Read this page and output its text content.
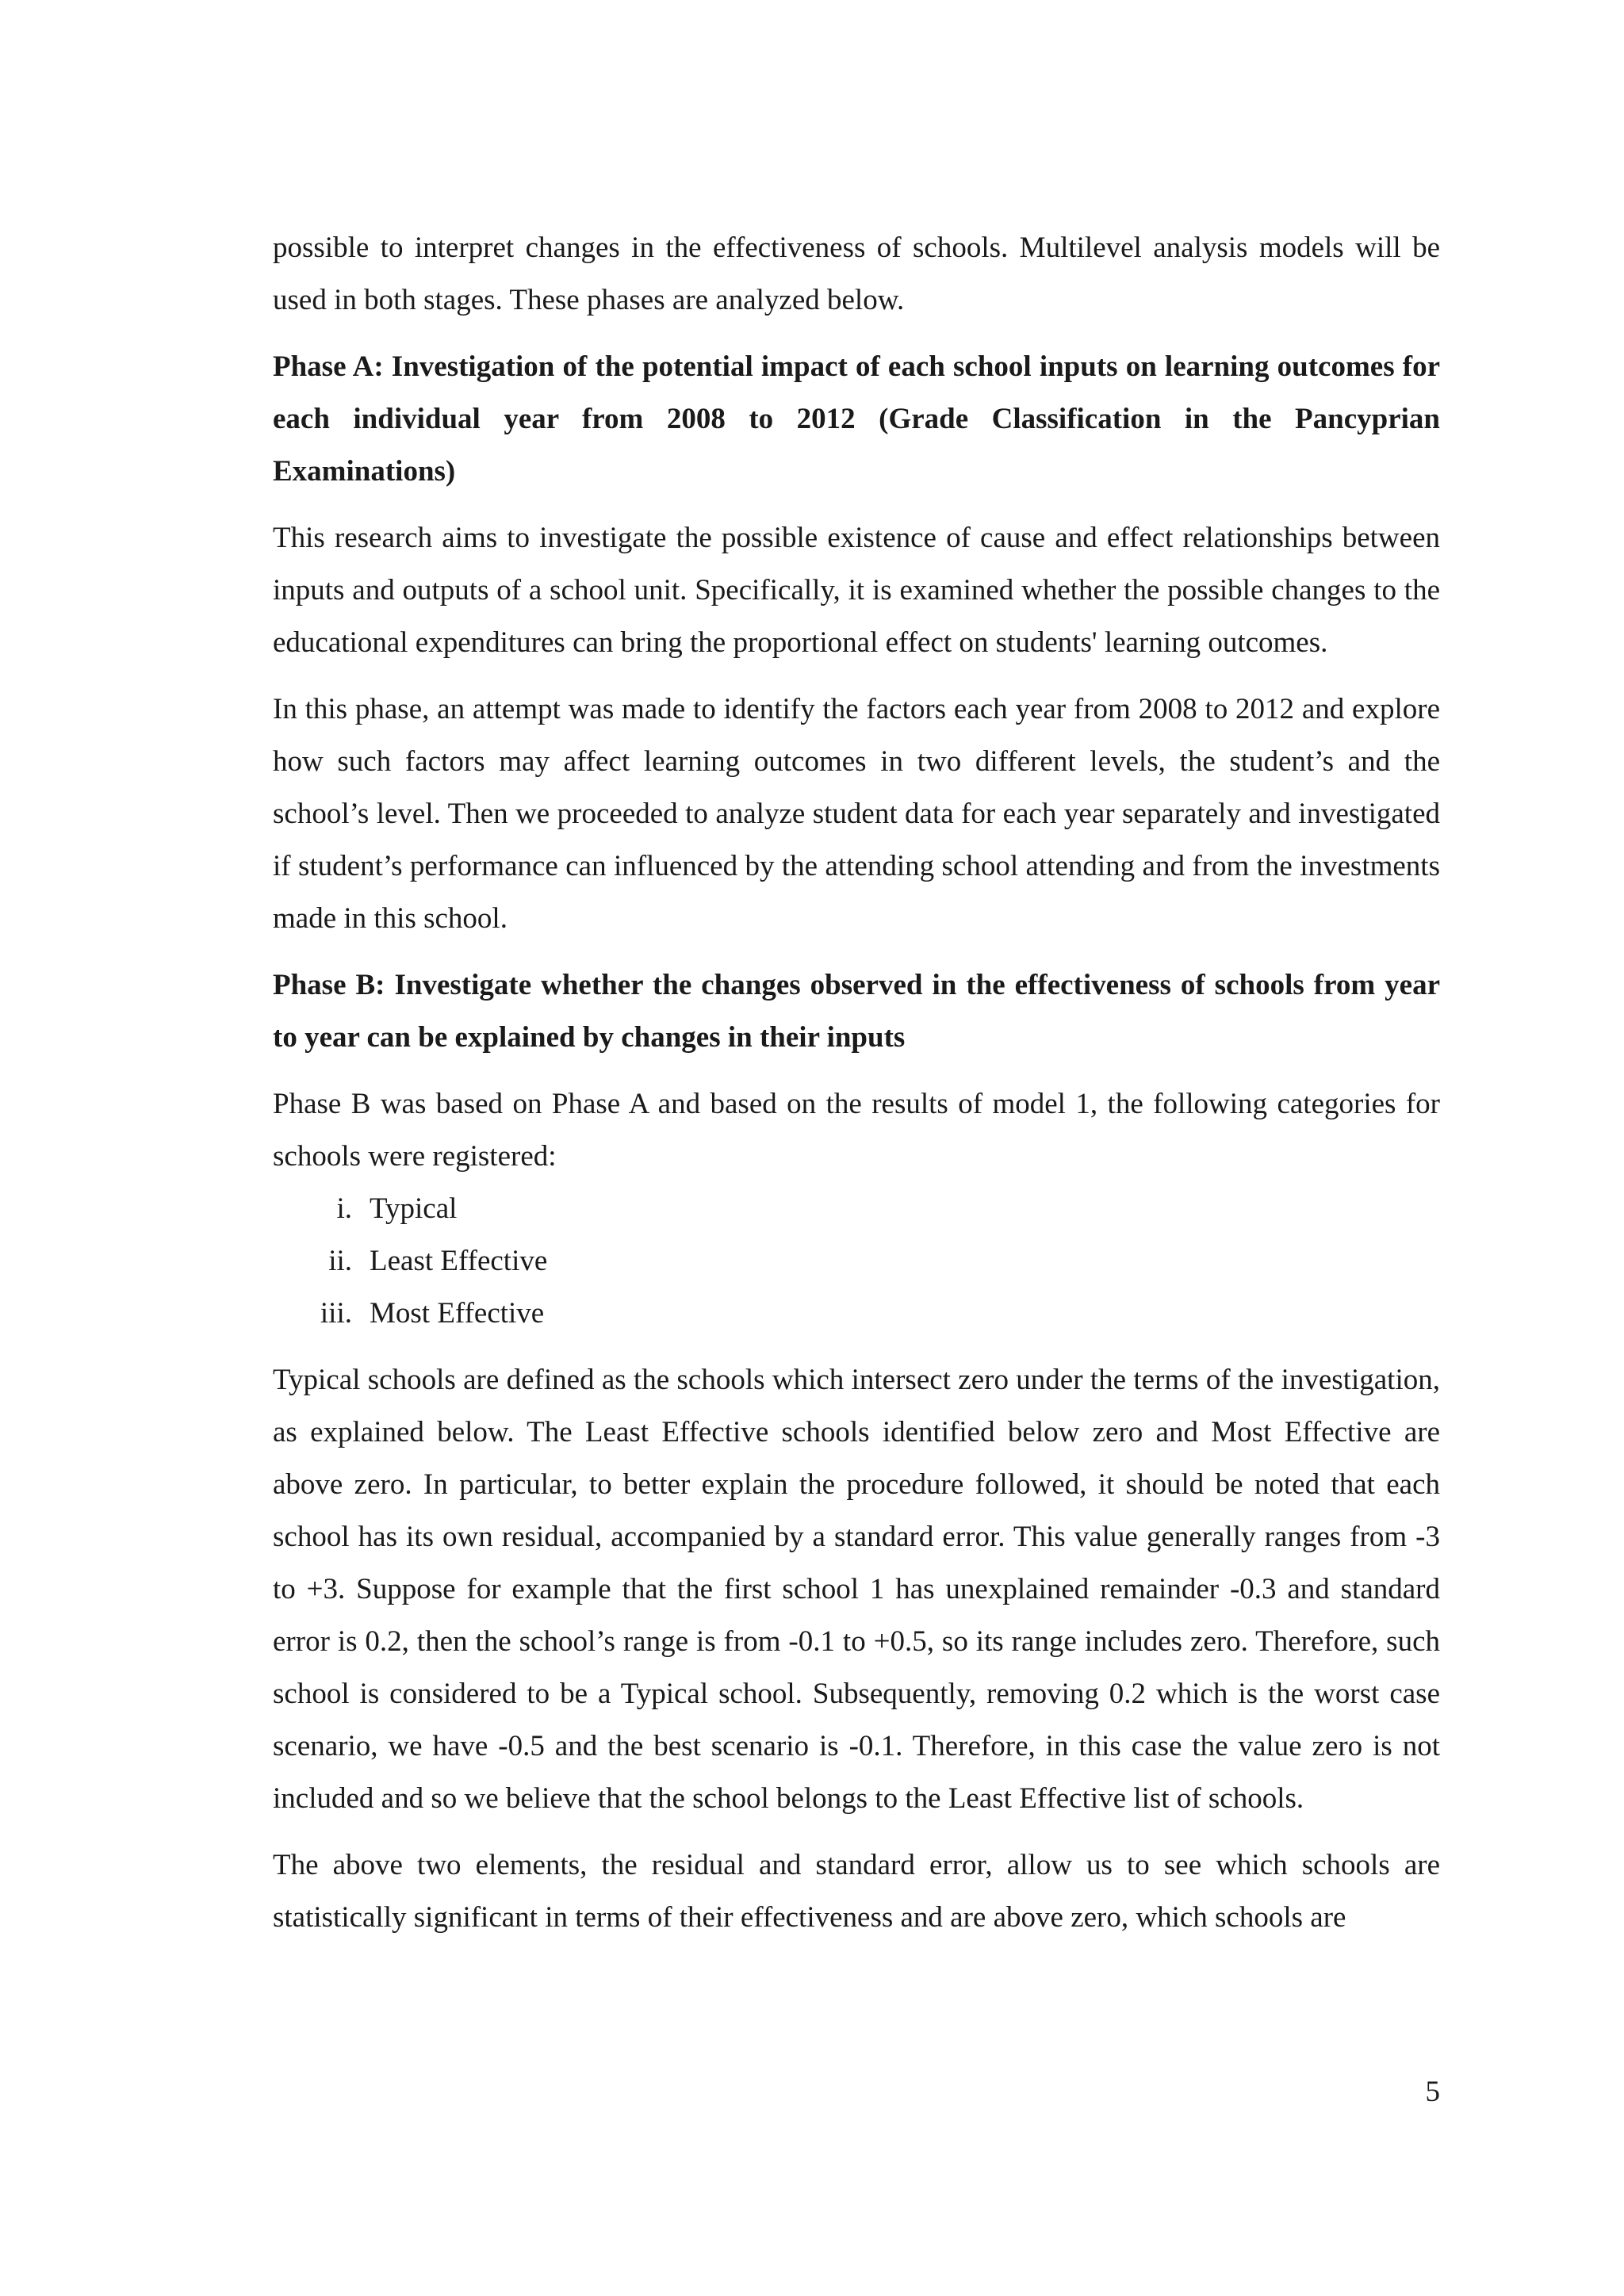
possible to interpret changes in the effectiveness of schools. Multilevel analysis models will be used in both stages. These phases are analyzed below.

Phase A: Investigation of the potential impact of each school inputs on learning outcomes for each individual year from 2008 to 2012 (Grade Classification in the Pancyprian Examinations)

This research aims to investigate the possible existence of cause and effect relationships between inputs and outputs of a school unit. Specifically, it is examined whether the possible changes to the educational expenditures can bring the proportional effect on students' learning outcomes.

In this phase, an attempt was made to identify the factors each year from 2008 to 2012 and explore how such factors may affect learning outcomes in two different levels, the student’s and the school’s level. Then we proceeded to analyze student data for each year separately and investigated if student’s performance can influenced by the attending school attending and from the investments made in this school.

Phase B: Investigate whether the changes observed in the effectiveness of schools from year to year can be explained by changes in their inputs

Phase B was based on Phase A and based on the results of model 1, the following categories for schools were registered:

i. Typical
ii. Least Effective
iii. Most Effective

Typical schools are defined as the schools which intersect zero under the terms of the investigation, as explained below. The Least Effective schools identified below zero and Most Effective are above zero. In particular, to better explain the procedure followed, it should be noted that each school has its own residual, accompanied by a standard error. This value generally ranges from -3 to +3. Suppose for example that the first school 1 has unexplained remainder -0.3 and standard error is 0.2, then the school’s range is from -0.1 to +0.5, so its range includes zero. Therefore, such school is considered to be a Typical school. Subsequently, removing 0.2 which is the worst case scenario, we have -0.5 and the best scenario is -0.1. Therefore, in this case the value zero is not included and so we believe that the school belongs to the Least Effective list of schools.

The above two elements, the residual and standard error, allow us to see which schools are statistically significant in terms of their effectiveness and are above zero, which schools are

5
